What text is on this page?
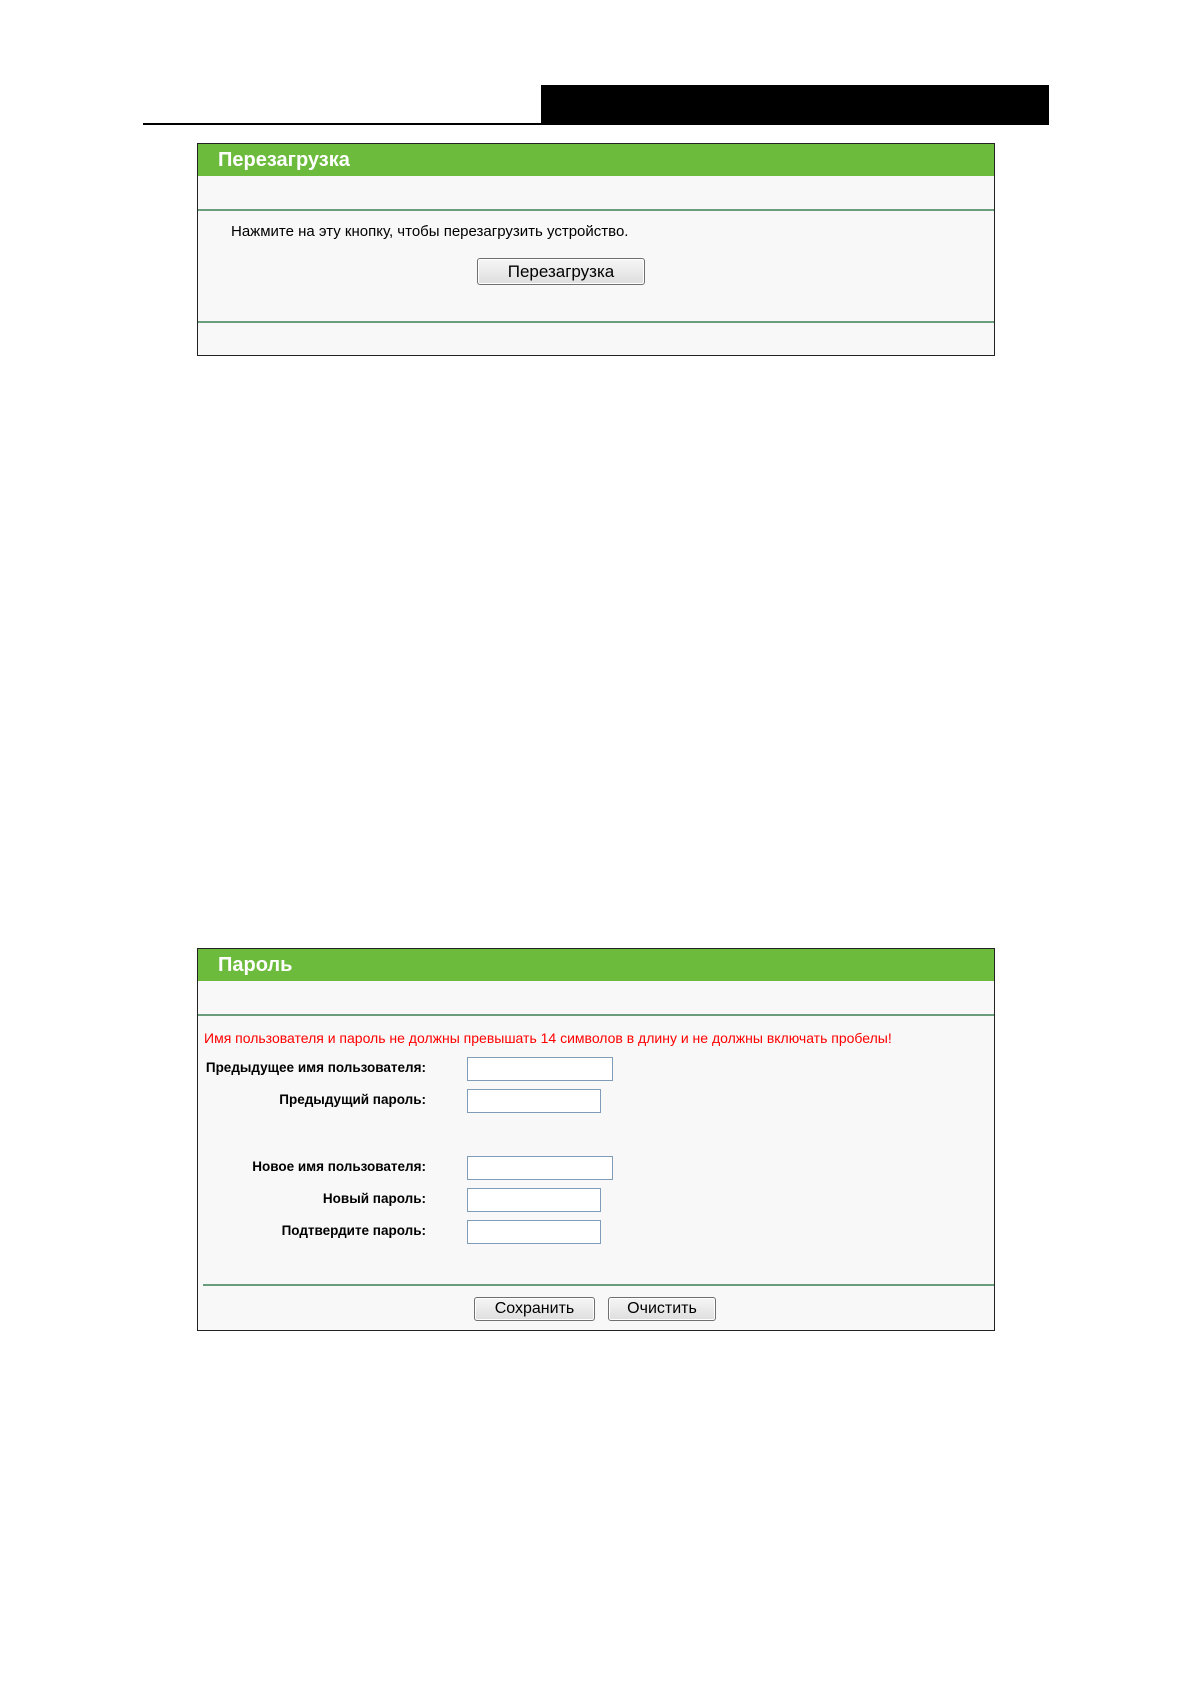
Перезагрузка
Нажмите на эту кнопку, чтобы перезагрузить устройство.
Перезагрузка
Пароль
Имя пользователя и пароль не должны превышать 14 символов в длину и не должны включать пробелы!
Предыдущее имя пользователя:
Предыдущий пароль:
Новое имя пользователя:
Новый пароль:
Подтвердите пароль:
Сохранить	Очистить
